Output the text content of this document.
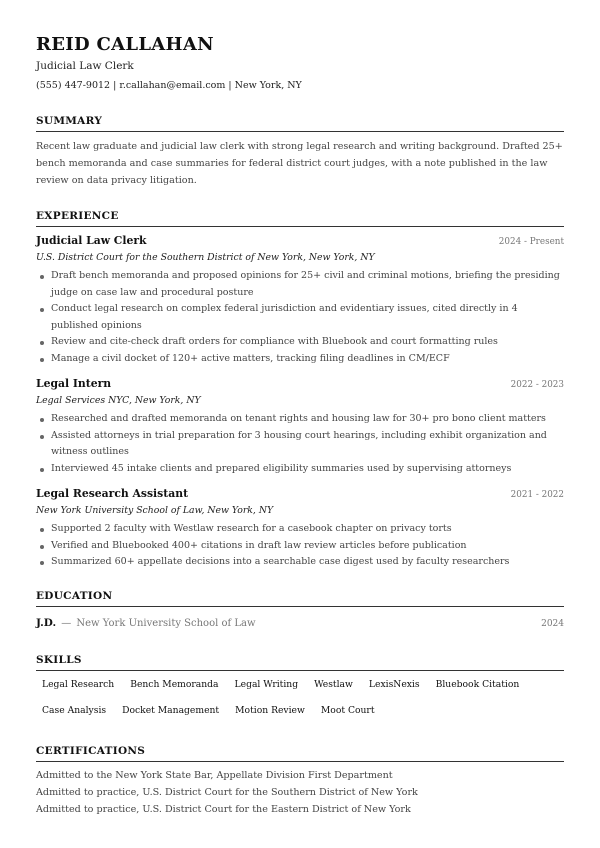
REID CALLAHAN
Judicial Law Clerk
(555) 447-9012 | r.callahan@email.com | New York, NY
SUMMARY
Recent law graduate and judicial law clerk with strong legal research and writing background. Drafted 25+ bench memoranda and case summaries for federal district court judges, with a note published in the law review on data privacy litigation.
EXPERIENCE
Judicial Law Clerk	2024 - Present
U.S. District Court for the Southern District of New York, New York, NY
Draft bench memoranda and proposed opinions for 25+ civil and criminal motions, briefing the presiding judge on case law and procedural posture
Conduct legal research on complex federal jurisdiction and evidentiary issues, cited directly in 4 published opinions
Review and cite-check draft orders for compliance with Bluebook and court formatting rules
Manage a civil docket of 120+ active matters, tracking filing deadlines in CM/ECF
Legal Intern	2022 - 2023
Legal Services NYC, New York, NY
Researched and drafted memoranda on tenant rights and housing law for 30+ pro bono client matters
Assisted attorneys in trial preparation for 3 housing court hearings, including exhibit organization and witness outlines
Interviewed 45 intake clients and prepared eligibility summaries used by supervising attorneys
Legal Research Assistant	2021 - 2022
New York University School of Law, New York, NY
Supported 2 faculty with Westlaw research for a casebook chapter on privacy torts
Verified and Bluebooked 400+ citations in draft law review articles before publication
Summarized 60+ appellate decisions into a searchable case digest used by faculty researchers
EDUCATION
J.D. — New York University School of Law	2024
SKILLS
Legal Research	Bench Memoranda	Legal Writing	Westlaw	LexisNexis	Bluebook Citation
Case Analysis	Docket Management	Motion Review	Moot Court
CERTIFICATIONS
Admitted to the New York State Bar, Appellate Division First Department
Admitted to practice, U.S. District Court for the Southern District of New York
Admitted to practice, U.S. District Court for the Eastern District of New York
